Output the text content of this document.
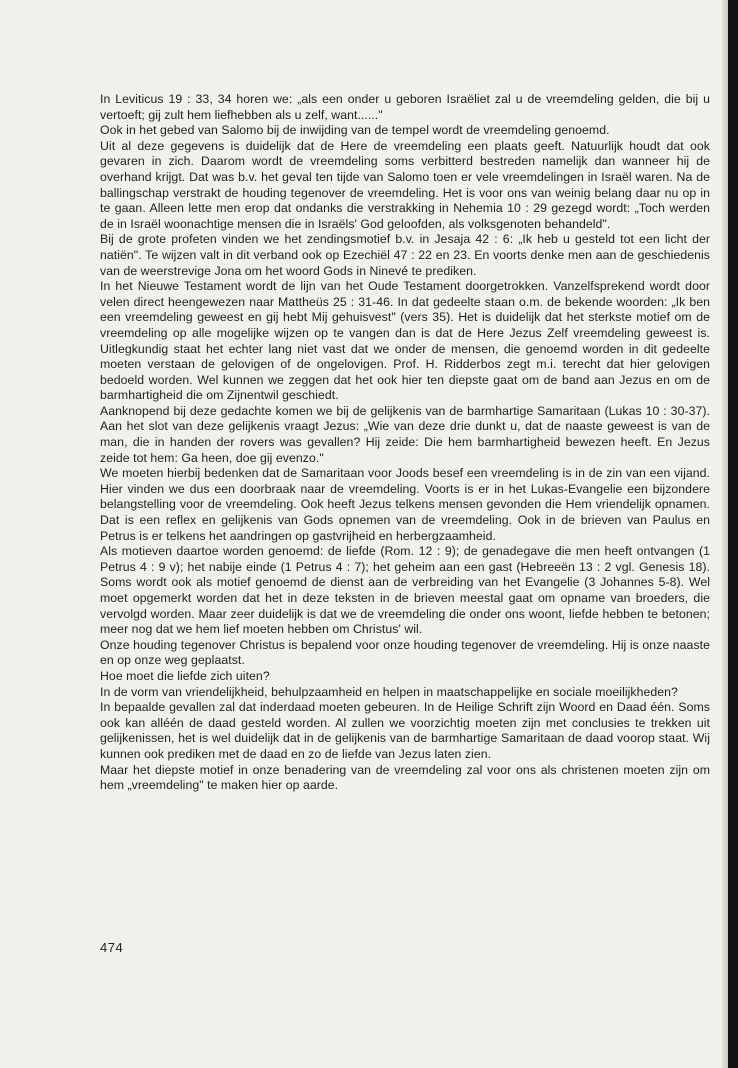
In Leviticus 19 : 33, 34 horen we: „als een onder u geboren Israëliet zal u de vreemdeling gelden, die bij u vertoeft; gij zult hem liefhebben als u zelf, want......"

Ook in het gebed van Salomo bij de inwijding van de tempel wordt de vreemdeling genoemd.

Uit al deze gegevens is duidelijk dat de Here de vreemdeling een plaats geeft. Natuurlijk houdt dat ook gevaren in zich. Daarom wordt de vreemdeling soms verbitterd bestreden namelijk dan wanneer hij de overhand krijgt. Dat was b.v. het geval ten tijde van Salomo toen er vele vreemdelingen in Israël waren. Na de ballingschap verstrakt de houding tegenover de vreemdeling. Het is voor ons van weinig belang daar nu op in te gaan. Alleen lette men erop dat ondanks die verstrakking in Nehemia 10 : 29 gezegd wordt: „Toch werden de in Israël woonachtige mensen die in Israëls' God geloofden, als volksgenoten behandeld".

Bij de grote profeten vinden we het zendingsmotief b.v. in Jesaja 42 : 6: „Ik heb u gesteld tot een licht der natiën". Te wijzen valt in dit verband ook op Ezechiël 47 : 22 en 23. En voorts denke men aan de geschiedenis van de weerstrevige Jona om het woord Gods in Ninevé te prediken.

In het Nieuwe Testament wordt de lijn van het Oude Testament doorgetrokken. Vanzelfsprekend wordt door velen direct heengewezen naar Mattheüs 25 : 31-46. In dat gedeelte staan o.m. de bekende woorden: „Ik ben een vreemdeling geweest en gij hebt Mij gehuisvest" (vers 35). Het is duidelijk dat het sterkste motief om de vreemdeling op alle mogelijke wijzen op te vangen dan is dat de Here Jezus Zelf vreemdeling geweest is. Uitlegkundig staat het echter lang niet vast dat we onder de mensen, die genoemd worden in dit gedeelte moeten verstaan de gelovigen of de ongelovigen. Prof. H. Ridderbos zegt m.i. terecht dat hier gelovigen bedoeld worden. Wel kunnen we zeggen dat het ook hier ten diepste gaat om de band aan Jezus en om de barmhartigheid die om Zijnentwil geschiedt.

Aanknopend bij deze gedachte komen we bij de gelijkenis van de barmhartige Samaritaan (Lukas 10 : 30-37). Aan het slot van deze gelijkenis vraagt Jezus: „Wie van deze drie dunkt u, dat de naaste geweest is van de man, die in handen der rovers was gevallen? Hij zeide: Die hem barmhartigheid bewezen heeft. En Jezus zeide tot hem: Ga heen, doe gij evenzo."

We moeten hierbij bedenken dat de Samaritaan voor Joods besef een vreemdeling is in de zin van een vijand. Hier vinden we dus een doorbraak naar de vreemdeling. Voorts is er in het Lukas-Evangelie een bijzondere belangstelling voor de vreemdeling. Ook heeft Jezus telkens mensen gevonden die Hem vriendelijk opnamen. Dat is een reflex en gelijkenis van Gods opnemen van de vreemdeling. Ook in de brieven van Paulus en Petrus is er telkens het aandringen op gastvrijheid en herbergzaamheid.

Als motieven daartoe worden genoemd: de liefde (Rom. 12 : 9); de genadegave die men heeft ontvangen (1 Petrus 4 : 9 v); het nabije einde (1 Petrus 4 : 7); het geheim aan een gast (Hebreeën 13 : 2 vgl. Genesis 18). Soms wordt ook als motief genoemd de dienst aan de verbreiding van het Evangelie (3 Johannes 5-8). Wel moet opgemerkt worden dat het in deze teksten in de brieven meestal gaat om opname van broeders, die vervolgd worden. Maar zeer duidelijk is dat we de vreemdeling die onder ons woont, liefde hebben te betonen; meer nog dat we hem lief moeten hebben om Christus' wil.

Onze houding tegenover Christus is bepalend voor onze houding tegenover de vreemdeling. Hij is onze naaste en op onze weg geplaatst.

Hoe moet die liefde zich uiten?

In de vorm van vriendelijkheid, behulpzaamheid en helpen in maatschappelijke en sociale moeilijkheden?

In bepaalde gevallen zal dat inderdaad moeten gebeuren. In de Heilige Schrift zijn Woord en Daad één. Soms ook kan alléén de daad gesteld worden. Al zullen we voorzichtig moeten zijn met conclusies te trekken uit gelijkenissen, het is wel duidelijk dat in de gelijkenis van de barmhartige Samaritaan de daad voorop staat. Wij kunnen ook prediken met de daad en zo de liefde van Jezus laten zien.

Maar het diepste motief in onze benadering van de vreemdeling zal voor ons als christenen moeten zijn om hem „vreemdeling" te maken hier op aarde.

474
